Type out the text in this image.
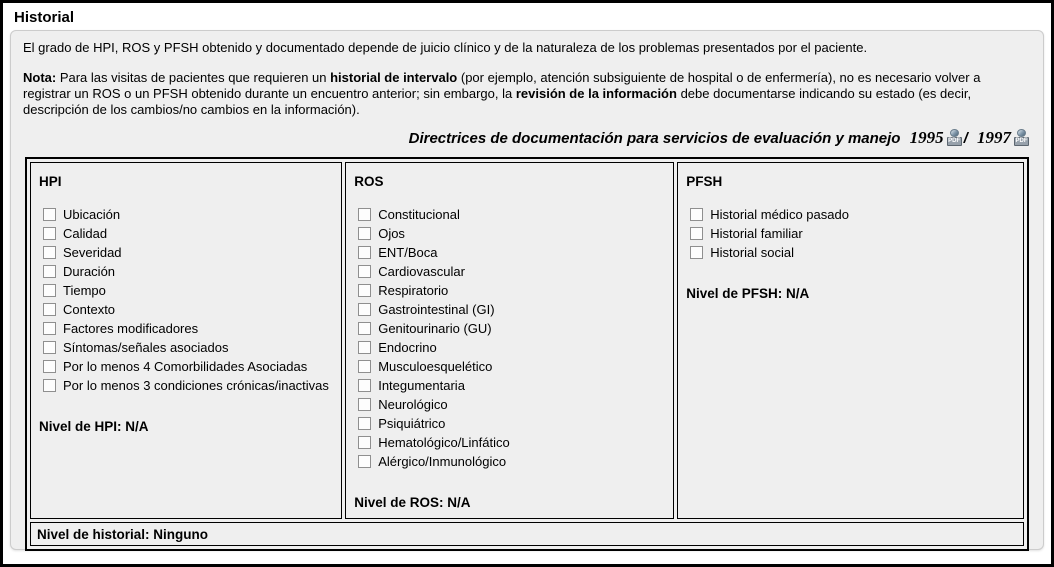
Historial

El grado de HPI, ROS y PFSH obtenido y documentado depende de juicio clínico y de la naturaleza de los problemas presentados por el paciente.

Nota: Para las visitas de pacientes que requieren un historial de intervalo (por ejemplo, atención subsiguiente de hospital o de enfermería), no es necesario volver a registrar un ROS o un PFSH obtenido durante un encuentro anterior; sin embargo, la revisión de la información debe documentarse indicando su estado (es decir, descripción de los cambios/no cambios en la información).

Directrices de documentación para servicios de evaluación y manejo 1995 PDF / 1997 PDF
HPI
Ubicación
Calidad
Severidad
Duración
Tiempo
Contexto
Factores modificadores
Síntomas/señales asociados
Por lo menos 4 Comorbilidades Asociadas
Por lo menos 3 condiciones crónicas/inactivas
Nivel de HPI: N/A

ROS
Constitucional
Ojos
ENT/Boca
Cardiovascular
Respiratorio
Gastrointestinal (GI)
Genitourinario (GU)
Endocrino
Musculoesquelético
Integumentaria
Neurológico
Psiquiátrico
Hematológico/Linfático
Alérgico/Inmunológico
Nivel de ROS: N/A

PFSH
Historial médico pasado
Historial familiar
Historial social
Nivel de PFSH: N/A

Nivel de historial: Ninguno
